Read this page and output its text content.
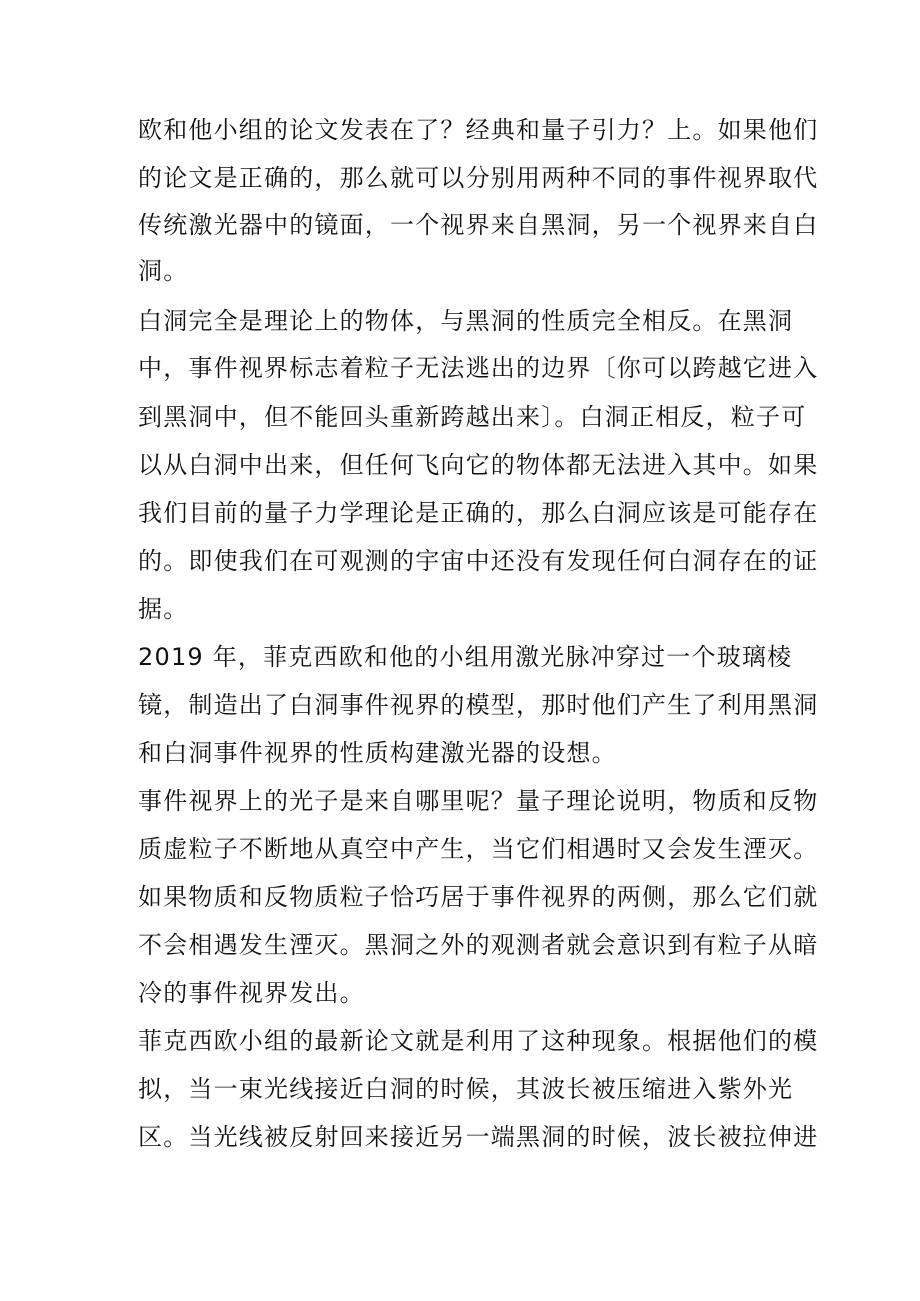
欧和他小组的论文发表在了？经典和量子引力？上。如果他们
的论文是正确的，那么就可以分别用两种不同的事件视界取代
传统激光器中的镜面，一个视界来自黑洞，另一个视界来自白
洞。
白洞完全是理论上的物体，与黑洞的性质完全相反。在黑洞
中，事件视界标志着粒子无法逃出的边界〔你可以跨越它进入
到黑洞中，但不能回头重新跨越出来〕。白洞正相反，粒子可
以从白洞中出来，但任何飞向它的物体都无法进入其中。如果
我们目前的量子力学理论是正确的，那么白洞应该是可能存在
的。即使我们在可观测的宇宙中还没有发现任何白洞存在的证
据。
2019 年，菲克西欧和他的小组用激光脉冲穿过一个玻璃棱
镜，制造出了白洞事件视界的模型，那时他们产生了利用黑洞
和白洞事件视界的性质构建激光器的设想。
事件视界上的光子是来自哪里呢？量子理论说明，物质和反物
质虚粒子不断地从真空中产生，当它们相遇时又会发生湮灭。
如果物质和反物质粒子恰巧居于事件视界的两侧，那么它们就
不会相遇发生湮灭。黑洞之外的观测者就会意识到有粒子从暗
冷的事件视界发出。
菲克西欧小组的最新论文就是利用了这种现象。根据他们的模
拟，当一束光线接近白洞的时候，其波长被压缩进入紫外光
区。当光线被反射回来接近另一端黑洞的时候，波长被拉伸进
